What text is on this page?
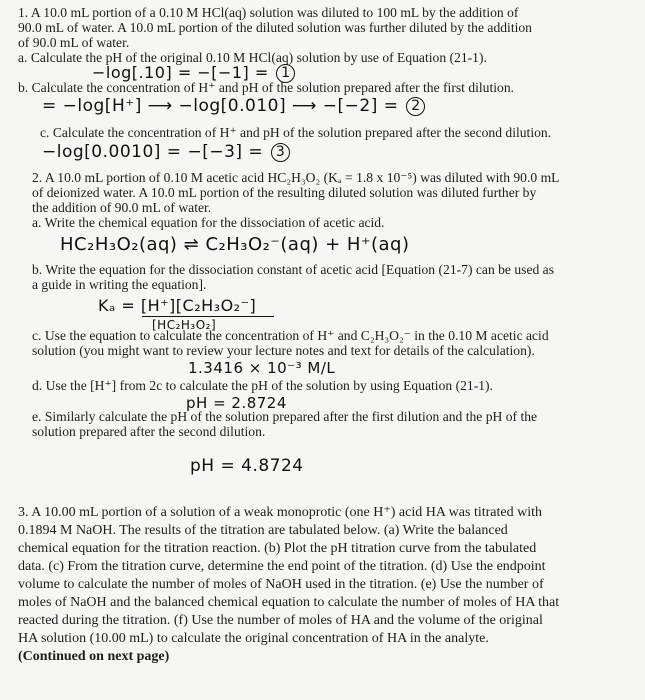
1. A 10.0 mL portion of a 0.10 M HCl(aq) solution was diluted to 100 mL by the addition of
90.0 mL of water. A 10.0 mL portion of the diluted solution was further diluted by the addition
of 90.0 mL of water.
a. Calculate the pH of the original 0.10 M HCl(aq) solution by use of Equation (21-1).
−log[.10] = −[−1] = 1
b. Calculate the concentration of H⁺ and pH of the solution prepared after the first dilution.
= −log[H⁺] ⟶ −log[0.010] ⟶ −[−2] = 2
c. Calculate the concentration of H⁺ and pH of the solution prepared after the second dilution.
−log[0.0010] = −[−3] = 3
2. A 10.0 mL portion of 0.10 M acetic acid HC₂H₃O₂ (Kₐ = 1.8 x 10⁻⁵) was diluted with 90.0 mL
of deionized water. A 10.0 mL portion of the resulting diluted solution was diluted further by
the addition of 90.0 mL of water.
a. Write the chemical equation for the dissociation of acetic acid.
HC₂H₃O₂(aq) ⇌ C₂H₃O₂⁻(aq) + H⁺(aq)
b. Write the equation for the dissociation constant of acetic acid [Equation (21-7) can be used as
a guide in writing the equation].
Kₐ = [H⁺][C₂H₃O₂⁻]
[HC₂H₃O₂]
c. Use the equation to calculate the concentration of H⁺ and C₂H₃O₂⁻ in the 0.10 M acetic acid
solution (you might want to review your lecture notes and text for details of the calculation).
1.3416 × 10⁻³ M/L
d. Use the [H⁺] from 2c to calculate the pH of the solution by using Equation (21-1).
pH = 2.8724
e. Similarly calculate the pH of the solution prepared after the first dilution and the pH of the
solution prepared after the second dilution.
pH = 4.8724
3. A 10.00 mL portion of a solution of a weak monoprotic (one H⁺) acid HA was titrated with
0.1894 M NaOH. The results of the titration are tabulated below. (a) Write the balanced
chemical equation for the titration reaction. (b) Plot the pH titration curve from the tabulated
data. (c) From the titration curve, determine the end point of the titration. (d) Use the endpoint
volume to calculate the number of moles of NaOH used in the titration. (e) Use the number of
moles of NaOH and the balanced chemical equation to calculate the number of moles of HA that
reacted during the titration. (f) Use the number of moles of HA and the volume of the original
HA solution (10.00 mL) to calculate the original concentration of HA in the analyte.
(Continued on next page)
